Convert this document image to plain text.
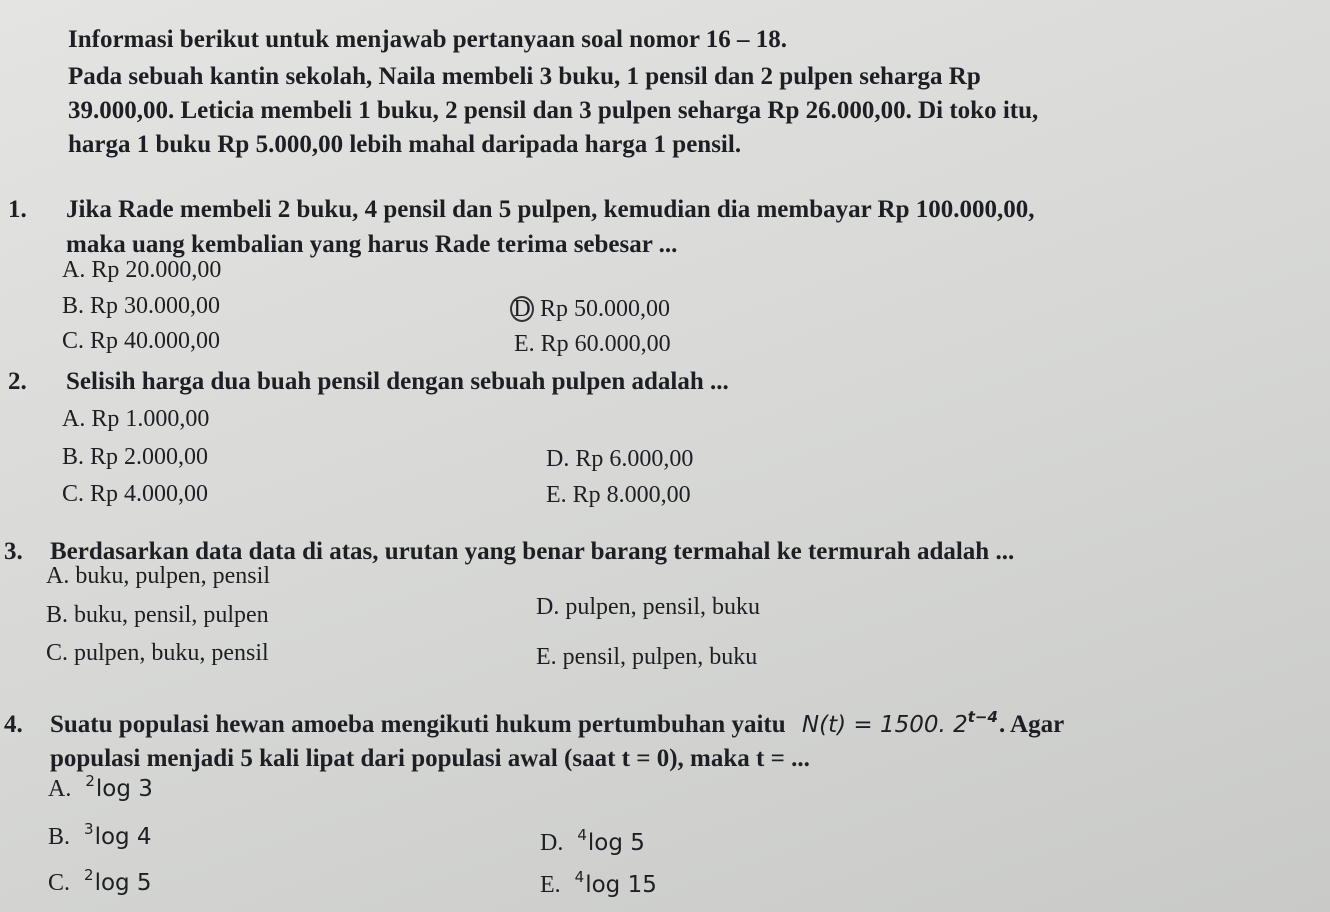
Informasi berikut untuk menjawab pertanyaan soal nomor 16 – 18.
Pada sebuah kantin sekolah, Naila membeli 3 buku, 1 pensil dan 2 pulpen seharga Rp
39.000,00. Leticia membeli 1 buku, 2 pensil dan 3 pulpen seharga Rp 26.000,00. Di toko itu,
harga 1 buku Rp 5.000,00 lebih mahal daripada harga 1 pensil.
1. Jika Rade membeli 2 buku, 4 pensil dan 5 pulpen, kemudian dia membayar Rp 100.000,00,
maka uang kembalian yang harus Rade terima sebesar ...
A. Rp 20.000,00
B. Rp 30.000,00
C. Rp 40.000,00
D Rp 50.000,00
E. Rp 60.000,00
2. Selisih harga dua buah pensil dengan sebuah pulpen adalah ...
A. Rp 1.000,00
B. Rp 2.000,00
C. Rp 4.000,00
D. Rp 6.000,00
E. Rp 8.000,00
3. Berdasarkan data data di atas, urutan yang benar barang termahal ke termurah adalah ...
A. buku, pulpen, pensil
B. buku, pensil, pulpen
C. pulpen, buku, pensil
D. pulpen, pensil, buku
E. pensil, pulpen, buku
4. Suatu populasi hewan amoeba mengikuti hukum pertumbuhan yaitu N(t) = 1500. $2^{t-4}$. Agar
populasi menjadi 5 kali lipat dari populasi awal (saat t = 0), maka t = ...
A. $^2$log 3
B. $^3$log 4
C. $^2$log 5
D. $^4$log 5
E. $^4$log 15
